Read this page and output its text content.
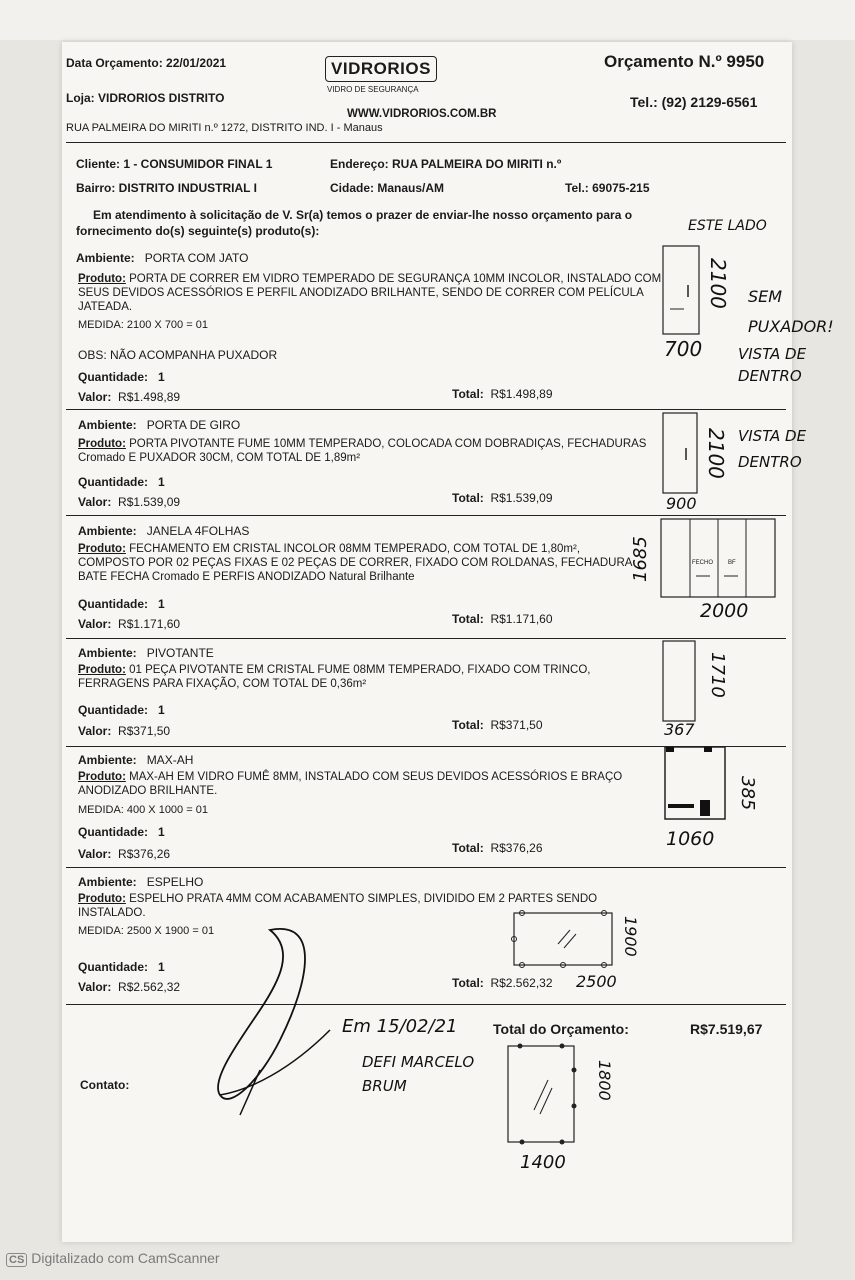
Data Orçamento: 22/01/2021	VIDRORIOS
VIDRO DE SEGURANÇA
Orçamento N.º 9950
Loja: VIDRORIOS DISTRITO
WWW.VIDRORIOS.COM.BR
Tel.: (92) 2129-6561
RUA PALMEIRA DO MIRITI n.º 1272, DISTRITO IND. I - Manaus
Cliente: 1 - CONSUMIDOR FINAL 1	Endereço: RUA PALMEIRA DO MIRITI n.º
Bairro: DISTRITO INDUSTRIAL I	Cidade: Manaus/AM	Tel.: 69075-215
Em atendimento à solicitação de V. Sr(a) temos o prazer de enviar-lhe nosso orçamento para o
fornecimento do(s) seguinte(s) produto(s):
Ambiente: PORTA COM JATO
Produto: PORTA DE CORRER EM VIDRO TEMPERADO DE SEGURANÇA 10MM INCOLOR, INSTALADO COM SEUS DEVIDOS ACESSÓRIOS E PERFIL ANODIZADO BRILHANTE, SENDO DE CORRER COM PELÍCULA JATEADA.
MEDIDA: 2100 X 700 = 01
OBS: NÃO ACOMPANHA PUXADOR
Quantidade: 1
Valor: R$1.498,89	Total: R$1.498,89
2100
700
ESTE LADO
SEM PUXADOR!
VISTA DE DENTRO
Ambiente: PORTA DE GIRO
Produto: PORTA PIVOTANTE FUME 10MM TEMPERADO, COLOCADA COM DOBRADIÇAS, FECHADURAS Cromado E PUXADOR 30CM, COM TOTAL DE 1,89m²
Quantidade: 1
Valor: R$1.539,09	Total: R$1.539,09
2100
900
VISTA DE DENTRO
Ambiente: JANELA 4FOLHAS
Produto: FECHAMENTO EM CRISTAL INCOLOR 08MM TEMPERADO, COM TOTAL DE 1,80m², COMPOSTO POR 02 PEÇAS FIXAS E 02 PEÇAS DE CORRER, FIXADO COM ROLDANAS, FECHADURA BATE FECHA Cromado E PERFIS ANODIZADO Natural Brilhante
Quantidade: 1
Valor: R$1.171,60	Total: R$1.171,60
FECHO	BF
1685
2000
Ambiente: PIVOTANTE
Produto: 01 PEÇA PIVOTANTE EM CRISTAL FUME 08MM TEMPERADO, FIXADO COM TRINCO, FERRAGENS PARA FIXAÇÃO, COM TOTAL DE 0,36m²
Quantidade: 1
Valor: R$371,50	Total: R$371,50
1710
367
Ambiente: MAX-AH
Produto: MAX-AH EM VIDRO FUMÊ 8MM, INSTALADO COM SEUS DEVIDOS ACESSÓRIOS E BRAÇO ANODIZADO BRILHANTE.
MEDIDA: 400 X 1000 = 01
Quantidade: 1
Valor: R$376,26	Total: R$376,26
385
1060
Ambiente: ESPELHO
Produto: ESPELHO PRATA 4MM COM ACABAMENTO SIMPLES, DIVIDIDO EM 2 PARTES SENDO INSTALADO.
MEDIDA: 2500 X 1900 = 01
Quantidade: 1
Valor: R$2.562,32	Total: R$2.562,32
1900
2500
Total do Orçamento:	R$7.519,67
Contato:
Em 15/02/21
DEFI MARCELO BRUM	1800
1400
CS Digitalizado com CamScanner
